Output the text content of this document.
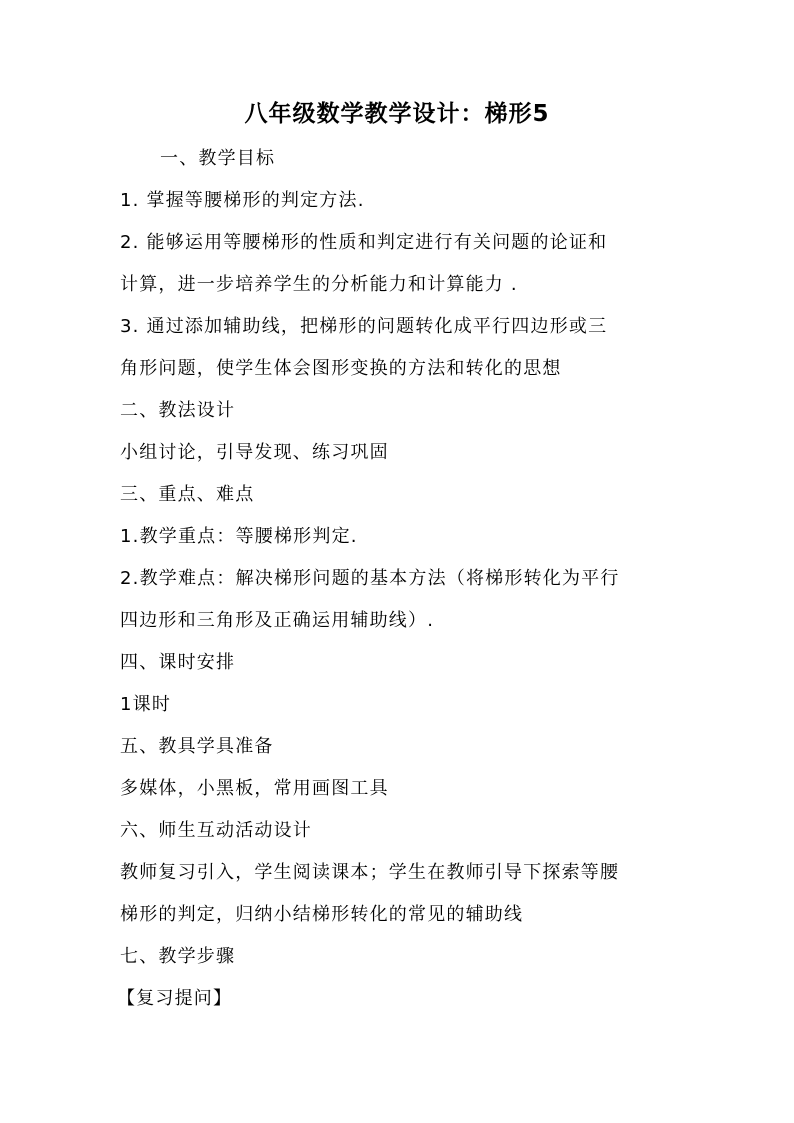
八年级数学教学设计：梯形5
一、教学目标
1. 掌握等腰梯形的判定方法.
2. 能够运用等腰梯形的性质和判定进行有关问题的论证和
计算，进一步培养学生的分析能力和计算能力 .
3. 通过添加辅助线，把梯形的问题转化成平行四边形或三
角形问题，使学生体会图形变换的方法和转化的思想
二、教法设计
小组讨论，引导发现、练习巩固
三、重点、难点
1.教学重点：等腰梯形判定.
2.教学难点：解决梯形问题的基本方法（将梯形转化为平行
四边形和三角形及正确运用辅助线）.
四、课时安排
1课时
五、教具学具准备
多媒体，小黑板，常用画图工具
六、师生互动活动设计
教师复习引入，学生阅读课本；学生在教师引导下探索等腰
梯形的判定，归纳小结梯形转化的常见的辅助线
七、教学步骤
【复习提问】
